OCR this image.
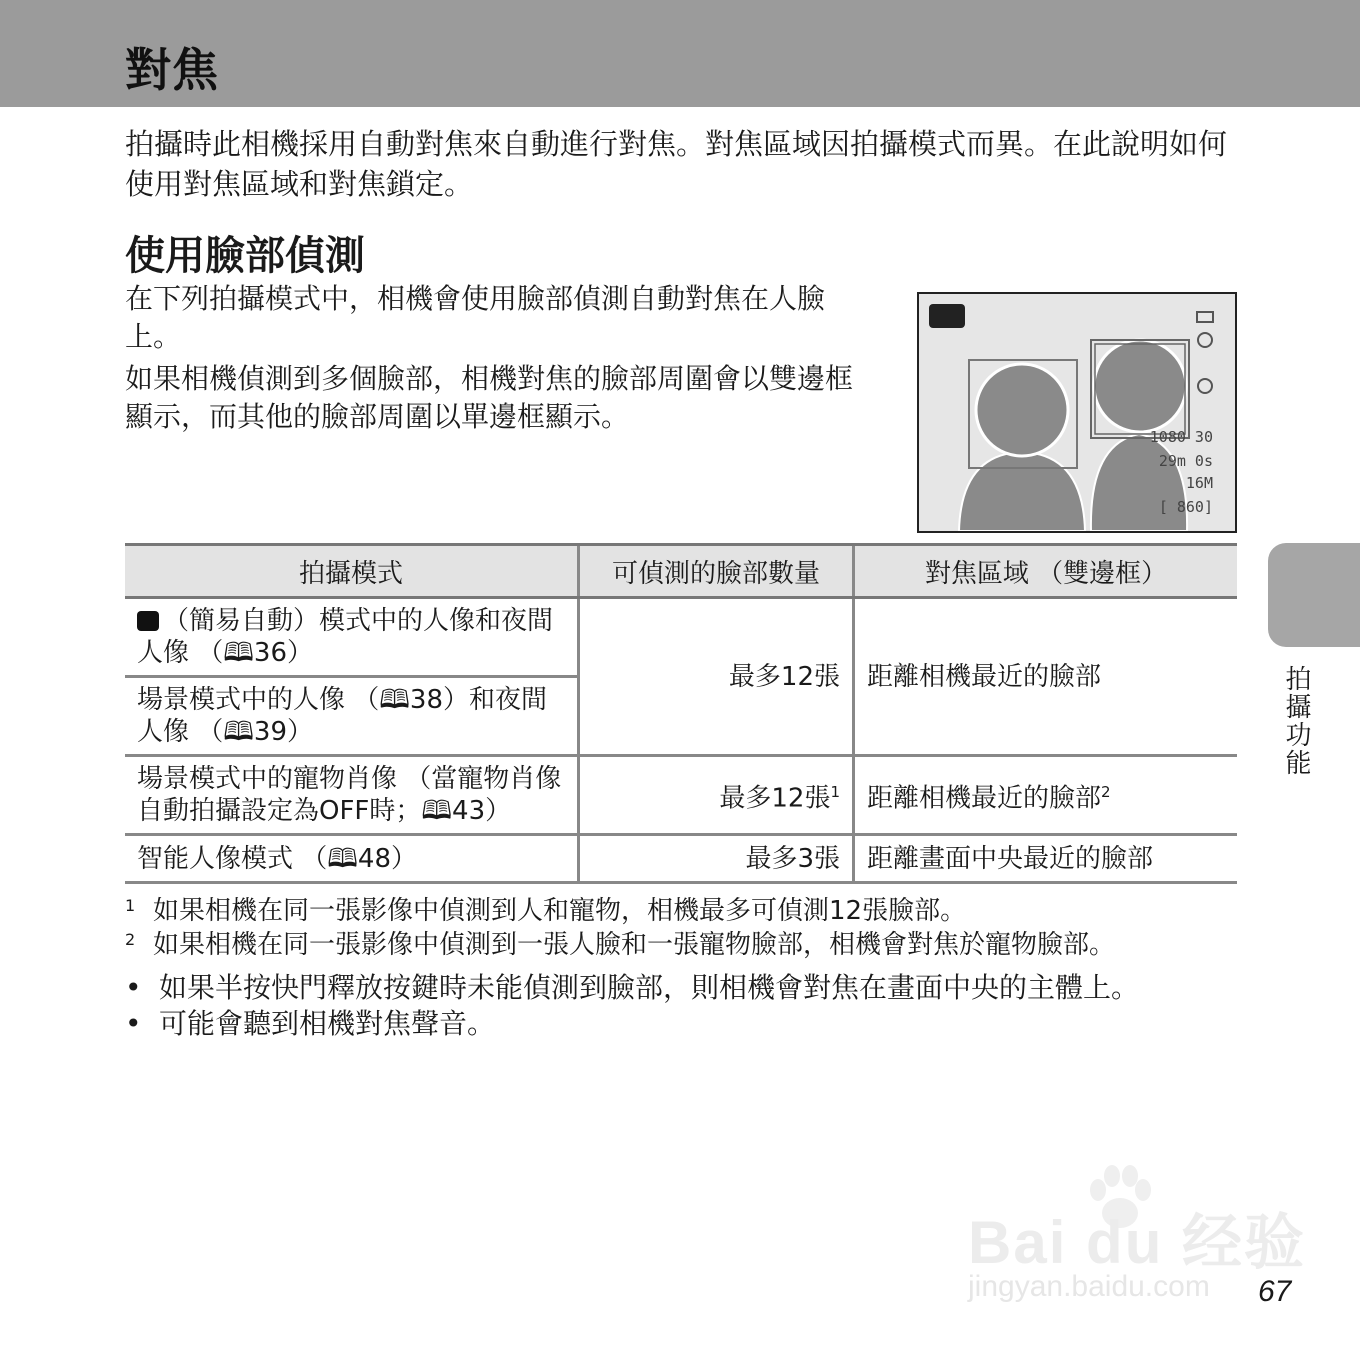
對焦
拍攝時此相機採用自動對焦來自動進行對焦。對焦區域因拍攝模式而異。在此說明如何使用對焦區域和對焦鎖定。
使用臉部偵測
在下列拍攝模式中，相機會使用臉部偵測自動對焦在人臉上。
如果相機偵測到多個臉部，相機對焦的臉部周圍會以雙邊框顯示，而其他的臉部周圍以單邊框顯示。
1080 30
29m 0s
16M
[ 860]
拍攝模式	可偵測的臉部數量	對焦區域 （雙邊框）
（簡易自動）模式中的人像和夜間人像 （🕮36）	最多12張	距離相機最近的臉部
場景模式中的人像 （🕮38）和夜間人像 （🕮39）		
場景模式中的寵物肖像 （當寵物肖像自動拍攝設定為OFF時；🕮43）	最多12張$^1$	距離相機最近的臉部$^2$
智能人像模式 （🕮48）	最多3張	距離畫面中央最近的臉部
1 如果相機在同一張影像中偵測到人和寵物，相機最多可偵測12張臉部。
2 如果相機在同一張影像中偵測到一張人臉和一張寵物臉部，相機會對焦於寵物臉部。
• 如果半按快門釋放按鍵時未能偵測到臉部，則相機會對焦在畫面中央的主體上。
• 可能會聽到相機對焦聲音。
拍攝功能
Bai du 经验
jingyan.baidu.com 67
